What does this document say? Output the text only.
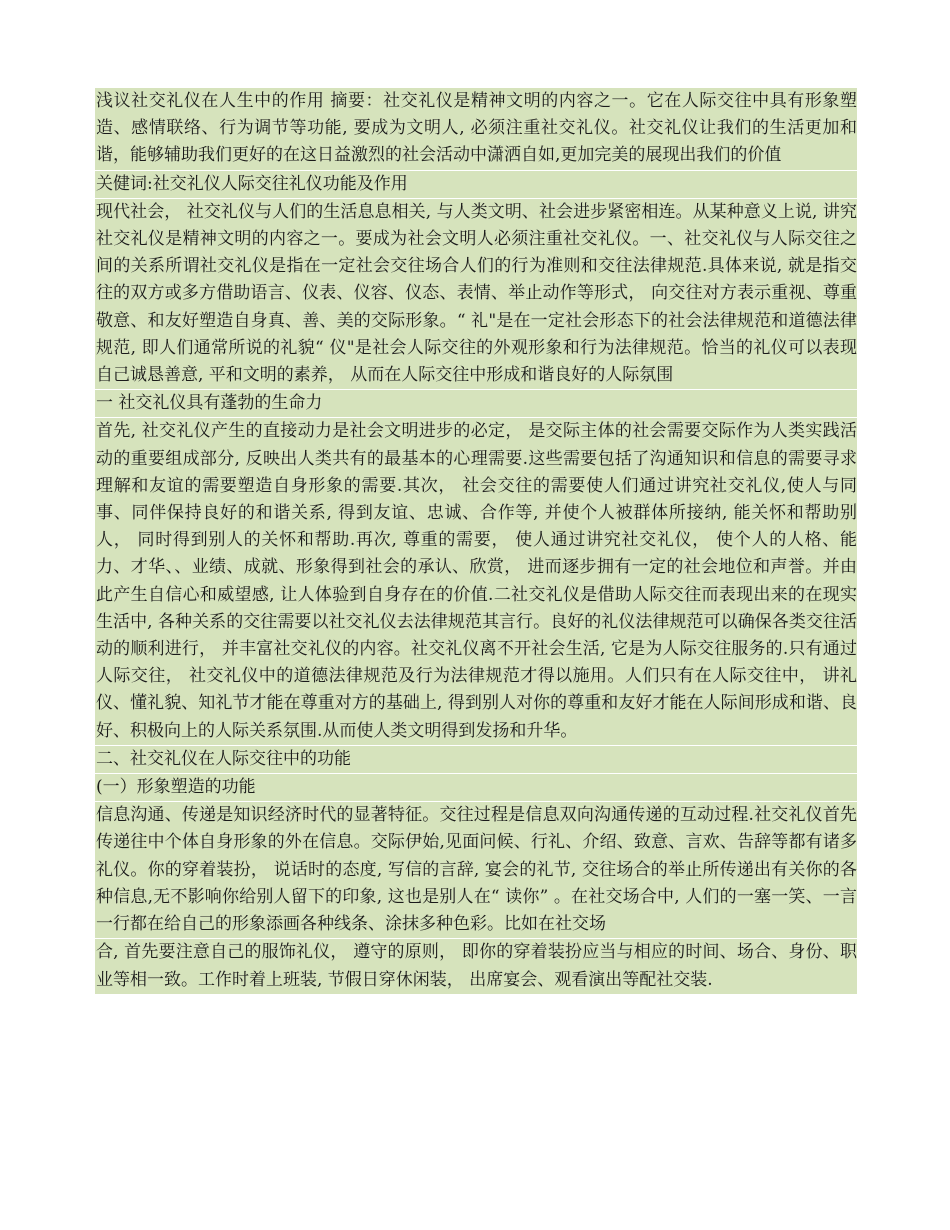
浅议社交礼仪在人生中的作用 摘要：社交礼仪是精神文明的内容之一。它在人际交往中具有形象塑造、感情联络、行为调节等功能, 要成为文明人, 必须注重社交礼仪。社交礼仪让我们的生活更加和谐，能够辅助我们更好的在这日益激烈的社会活动中潇洒自如,更加完美的展现出我们的价值

关健词:社交礼仪人际交往礼仪功能及作用

现代社会， 社交礼仪与人们的生活息息相关, 与人类文明、社会进步紧密相连。从某种意义上说, 讲究社交礼仪是精神文明的内容之一。要成为社会文明人必须注重社交礼仪。一、社交礼仪与人际交往之间的关系所谓社交礼仪是指在一定社会交往场合人们的行为准则和交往法律规范.具体来说, 就是指交往的双方或多方借助语言、仪表、仪容、仪态、表情、举止动作等形式， 向交往对方表示重视、尊重敬意、和友好塑造自身真、善、美的交际形象。“ 礼"是在一定社会形态下的社会法律规范和道德法律规范, 即人们通常所说的礼貌“ 仪"是社会人际交往的外观形象和行为法律规范。恰当的礼仪可以表现自己诚恳善意, 平和文明的素养， 从而在人际交往中形成和谐良好的人际氛围

一 社交礼仪具有蓬勃的生命力

首先, 社交礼仪产生的直接动力是社会文明进步的必定， 是交际主体的社会需要交际作为人类实践活动的重要组成部分, 反映出人类共有的最基本的心理需要.这些需要包括了沟通知识和信息的需要寻求理解和友谊的需要塑造自身形象的需要.其次， 社会交往的需要使人们通过讲究社交礼仪,使人与同事、同伴保持良好的和谐关系, 得到友谊、忠诚、合作等, 并使个人被群体所接纳, 能关怀和帮助别人， 同时得到别人的关怀和帮助.再次, 尊重的需要， 使人通过讲究社交礼仪， 使个人的人格、能力、才华、、业绩、成就、形象得到社会的承认、欣赏， 进而逐步拥有一定的社会地位和声誉。并由此产生自信心和威望感, 让人体验到自身存在的价值.二社交礼仪是借助人际交往而表现出来的在现实生活中, 各种关系的交往需要以社交礼仪去法律规范其言行。良好的礼仪法律规范可以确保各类交往活动的顺利进行， 并丰富社交礼仪的内容。社交礼仪离不开社会生活, 它是为人际交往服务的.只有通过人际交往， 社交礼仪中的道德法律规范及行为法律规范才得以施用。人们只有在人际交往中， 讲礼仪、懂礼貌、知礼节才能在尊重对方的基础上, 得到别人对你的尊重和友好才能在人际间形成和谐、良好、积极向上的人际关系氛围.从而使人类文明得到发扬和升华。

二、社交礼仪在人际交往中的功能

(一）形象塑造的功能

信息沟通、传递是知识经济时代的显著特征。交往过程是信息双向沟通传递的互动过程.社交礼仪首先传递往中个体自身形象的外在信息。交际伊始,见面问候、行礼、介绍、致意、言欢、告辞等都有诸多礼仪。你的穿着装扮， 说话时的态度, 写信的言辞, 宴会的礼节, 交往场合的举止所传递出有关你的各种信息,无不影响你给别人留下的印象, 这也是别人在“ 读你” 。在社交场合中, 人们的一塞一笑、一言一行都在给自己的形象添画各种线条、涂抹多种色彩。比如在社交场

合, 首先要注意自己的服饰礼仪， 遵守的原则， 即你的穿着装扮应当与相应的时间、场合、身份、职业等相一致。工作时着上班装, 节假日穿休闲装， 出席宴会、观看演出等配社交装.
